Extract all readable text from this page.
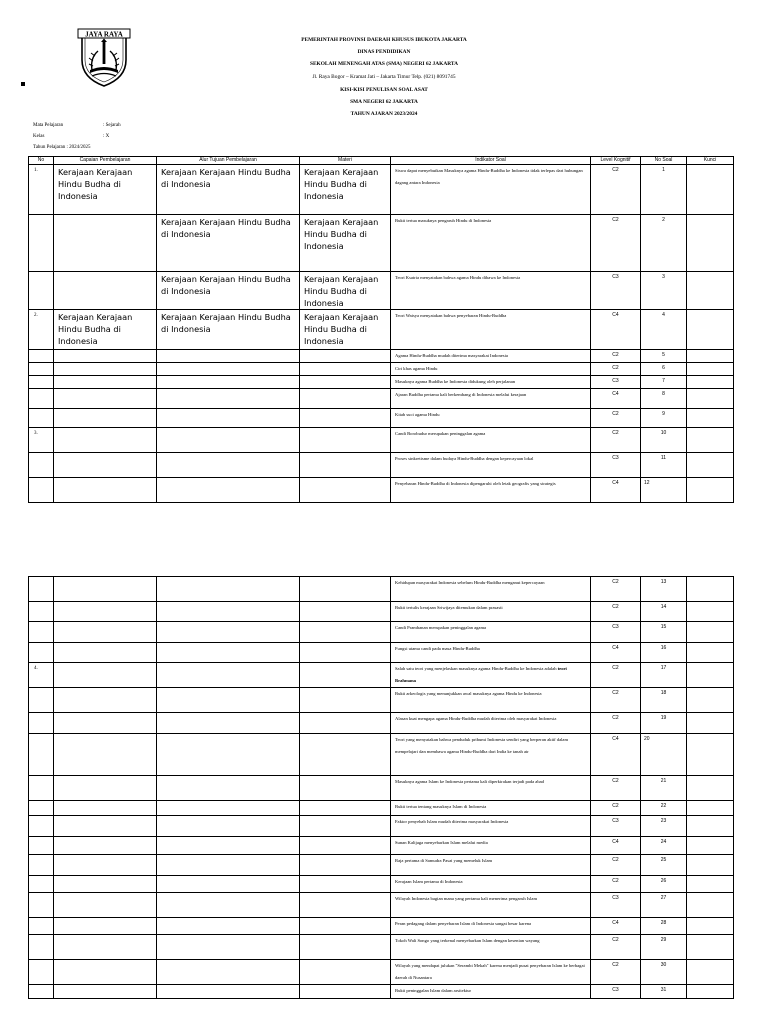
JAYA RAYA
PEMERINTAH PROVINSI DAERAH KHUSUS IBUKOTA JAKARTA
DINAS PENDIDIKAN
SEKOLAH MENENGAH ATAS (SMA) NEGERI 62 JAKARTA
Jl. Raya Bogor – Kramat Jati – Jakarta Timur Telp. (021) 8091745
KISI-KISI PENULISAN SOAL ASAT
SMA NEGERI 62 JAKARTA
TAHUN AJARAN 2023/2024
Mata Pelajaran	: Sejarah
Kelas	: X
Tahun Pelajaran : 2024/2025
No	Capaian Pembelajaran	Alur Tujuan Pembelajaran	Materi	Indikator Soal	Level Kognitif	No Soal	Kunci
1.	Kerajaan Kerajaan Hindu Budha di Indonesia	Kerajaan Kerajaan Hindu Budha di Indonesia	Kerajaan Kerajaan Hindu Budha di Indonesia	Siswa dapat menyebutkan Masuknya agama Hindu-Buddha ke Indonesia tidak terlepas dari hubungan dagang antara Indonesia	C2	1	
		Kerajaan Kerajaan Hindu Budha di Indonesia	Kerajaan Kerajaan Hindu Budha di Indonesia	Bukti tertua masuknya pengaruh Hindu di Indonesia	C2	2	
		Kerajaan Kerajaan Hindu Budha di Indonesia	Kerajaan Kerajaan Hindu Budha di Indonesia	Teori Ksatria menyatakan bahwa agama Hindu dibawa ke Indonesia	C3	3	
2.	Kerajaan Kerajaan Hindu Budha di Indonesia	Kerajaan Kerajaan Hindu Budha di Indonesia	Kerajaan Kerajaan Hindu Budha di Indonesia	Teori Waisya menyatakan bahwa penyebaran Hindu-Buddha	C4	4	
				Agama Hindu-Buddha mudah diterima masyarakat Indonesia	C2	5	
				Ciri khas agama Hindu	C2	6	
				Masuknya agama Buddha ke Indonesia didukung oleh perjalanan	C3	7	
				Ajaran Buddha pertama kali berkembang di Indonesia melalui kerajaan	C4	8	
				Kitab suci agama Hindu	C2	9	
3.				Candi Borobudur merupakan peninggalan agama	C2	10	
				Proses sinkretisme dalam budaya Hindu-Buddha dengan kepercayaan lokal	C3	11	
				Penyebaran Hindu-Buddha di Indonesia dipengaruhi oleh letak geografis yang strategis	C4	12	
				Kehidupan masyarakat Indonesia sebelum Hindu-Buddha menganut kepercayaan	C2	13	
				Bukti tertulis kerajaan Sriwijaya ditemukan dalam prasasti	C2	14	
				Candi Prambanan merupakan peninggalan agama	C3	15	
				Fungsi utama candi pada masa Hindu-Buddha	C4	16	
4.				Salah satu teori yang menjelaskan masuknya agama Hindu-Buddha ke Indonesia adalah teori Brahmana	C2	17	
				Bukti arkeologis yang menunjukkan awal masuknya agama Hindu ke Indonesia	C2	18	
				Alasan kuat mengapa agama Hindu-Buddha mudah diterima oleh masyarakat Indonesia	C2	19	
				Teori yang menyatakan bahwa penduduk pribumi Indonesia sendiri yang berperan aktif dalam mempelajari dan membawa agama Hindu-Buddha dari India ke tanah air	C4	20	
				Masuknya agama Islam ke Indonesia pertama kali diperkirakan terjadi pada abad	C2	21	
				Bukti tertua tentang masuknya Islam di Indonesia	C2	22	
				Faktor penyebab Islam mudah diterima masyarakat Indonesia	C3	23	
				Sunan Kalijaga menyebarkan Islam melalui media	C4	24	
				Raja pertama di Samudra Pasai yang memeluk Islam	C2	25	
				Kerajaan Islam pertama di Indonesia	C2	26	
				Wilayah Indonesia bagian mana yang pertama kali menerima pengaruh Islam	C3	27	
				Peran pedagang dalam penyebaran Islam di Indonesia sangat besar karena	C4	28	
				Tokoh Wali Songo yang terkenal menyebarkan Islam dengan kesenian wayang	C2	29	
				Wilayah yang mendapat julukan "Serambi Mekah" karena menjadi pusat penyebaran Islam ke berbagai daerah di Nusantara	C2	30	
				Bukti peninggalan Islam dalam arsitektur	C3	31	
